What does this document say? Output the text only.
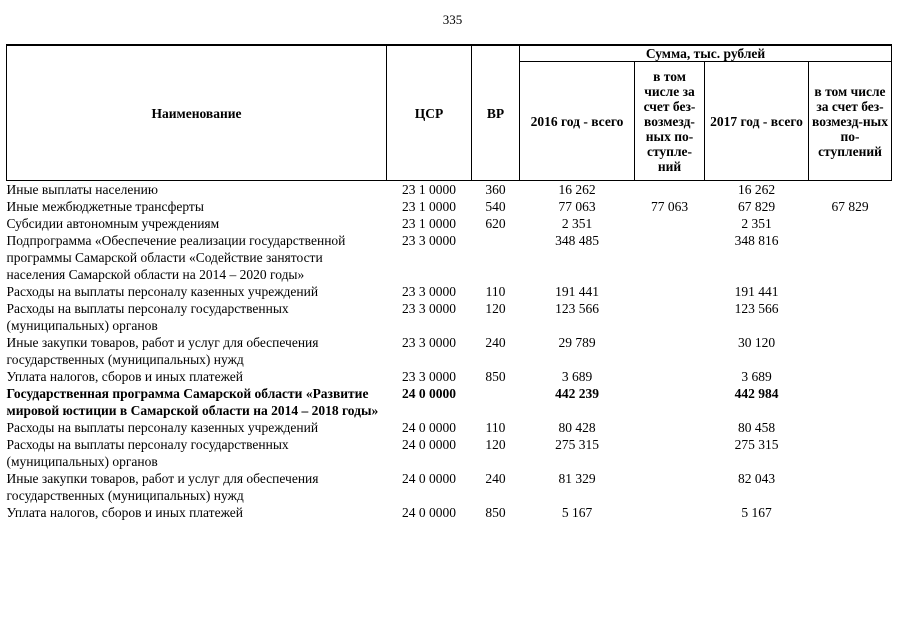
335
Наименование	ЦСР	ВР	Сумма, тыс. рублей			
			2016 год - всего	в том числе за счет без-возмезд-ных по-ступле-ний	2017 год - всего	в том числе за счет без-возмезд-ных по-ступлений
Иные выплаты населению	23 1 0000	360	16 262		16 262	
Иные межбюджетные трансферты	23 1 0000	540	77 063	77 063	67 829	67 829
Субсидии автономным учреждениям	23 1 0000	620	2 351		2 351	
Подпрограмма «Обеспечение реализации государственной программы Самарской области «Содействие занятости населения Самарской области на 2014 – 2020 годы»	23 3 0000		348 485		348 816	
Расходы на выплаты персоналу казенных учреждений	23 3 0000	110	191 441		191 441	
Расходы на выплаты персоналу государственных (муниципальных) органов	23 3 0000	120	123 566		123 566	
Иные закупки товаров, работ и услуг для обеспечения государственных (муниципальных) нужд	23 3 0000	240	29 789		30 120	
Уплата налогов, сборов и иных платежей	23 3 0000	850	3 689		3 689	
Государственная программа Самарской области «Развитие мировой юстиции в Самарской области на 2014 – 2018 годы»	24 0 0000		442 239		442 984	
Расходы на выплаты персоналу казенных учреждений	24 0 0000	110	80 428		80 458	
Расходы на выплаты персоналу государственных (муниципальных) органов	24 0 0000	120	275 315		275 315	
Иные закупки товаров, работ и услуг для обеспечения государственных (муниципальных) нужд	24 0 0000	240	81 329		82 043	
Уплата налогов, сборов и иных платежей	24 0 0000	850	5 167		5 167	
